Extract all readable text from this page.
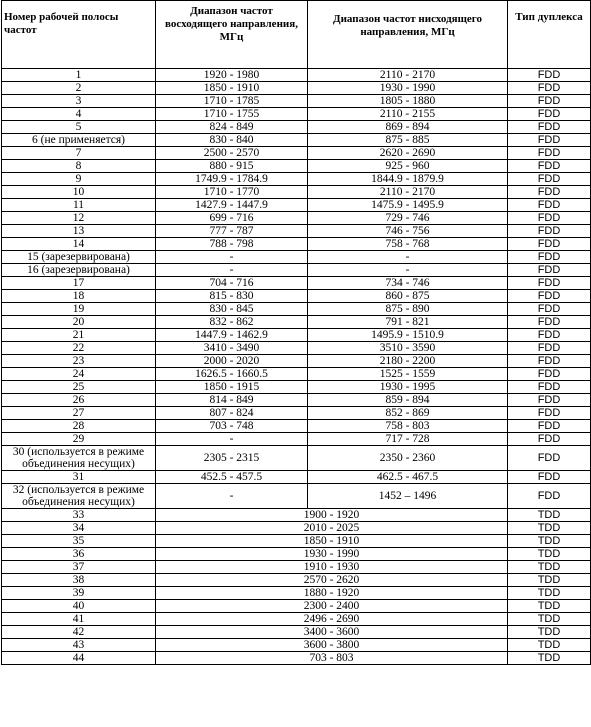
Номер рабочей полосы частот	Диапазон частот восходящего направления, МГц	Диапазон частот нисходящего направления, МГц	Тип дуплекса
1	1920 - 1980	2110 - 2170	FDD
2	1850 - 1910	1930 - 1990	FDD
3	1710 - 1785	1805 - 1880	FDD
4	1710 - 1755	2110 - 2155	FDD
5	824 - 849	869 - 894	FDD
6 (не применяется)	830 - 840	875 - 885	FDD
7	2500 - 2570	2620 - 2690	FDD
8	880 - 915	925 - 960	FDD
9	1749.9 - 1784.9	1844.9 - 1879.9	FDD
10	1710 - 1770	2110 - 2170	FDD
11	1427.9 - 1447.9	1475.9 - 1495.9	FDD
12	699 - 716	729 - 746	FDD
13	777 - 787	746 - 756	FDD
14	788 - 798	758 - 768	FDD
15 (зарезервирована)	-	-	FDD
16 (зарезервирована)	-	-	FDD
17	704 - 716	734 - 746	FDD
18	815 - 830	860 - 875	FDD
19	830 - 845	875 - 890	FDD
20	832 - 862	791 - 821	FDD
21	1447.9 - 1462.9	1495.9 - 1510.9	FDD
22	3410 - 3490	3510 - 3590	FDD
23	2000 - 2020	2180 - 2200	FDD
24	1626.5 - 1660.5	1525 - 1559	FDD
25	1850 - 1915	1930 - 1995	FDD
26	814 - 849	859 - 894	FDD
27	807 - 824	852 - 869	FDD
28	703 - 748	758 - 803	FDD
29	-	717 - 728	FDD
30 (используется в режиме объединения несущих)	2305 - 2315	2350 - 2360	FDD
31	452.5 - 457.5	462.5 - 467.5	FDD
32 (используется в режиме объединения несущих)	-	1452 – 1496	FDD
33	1900 - 1920		TDD
34	2010 - 2025		TDD
35	1850 - 1910		TDD
36	1930 - 1990		TDD
37	1910 - 1930		TDD
38	2570 - 2620		TDD
39	1880 - 1920		TDD
40	2300 - 2400		TDD
41	2496 - 2690		TDD
42	3400 - 3600		TDD
43	3600 - 3800		TDD
44	703 - 803		TDD
